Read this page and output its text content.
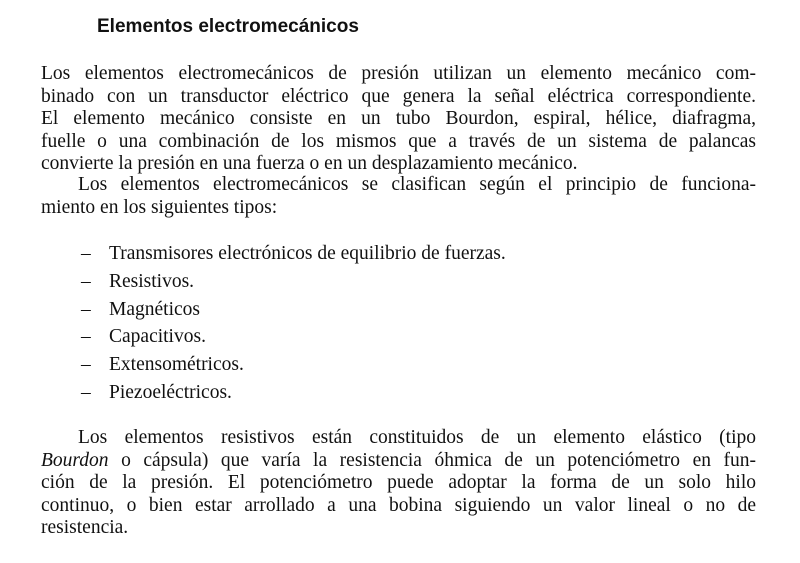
Elementos electromecánicos
Los elementos electromecánicos de presión utilizan un elemento mecánico com-
binado con un transductor eléctrico que genera la señal eléctrica correspondiente.
El elemento mecánico consiste en un tubo Bourdon, espiral, hélice, diafragma,
fuelle o una combinación de los mismos que a través de un sistema de palancas
convierte la presión en una fuerza o en un desplazamiento mecánico.
Los elementos electromecánicos se clasifican según el principio de funciona-
miento en los siguientes tipos:
– Transmisores electrónicos de equilibrio de fuerzas.
– Resistivos.
– Magnéticos
– Capacitivos.
– Extensométricos.
– Piezoeléctricos.
Los elementos resistivos están constituidos de un elemento elástico (tipo
Bourdon o cápsula) que varía la resistencia óhmica de un potenciómetro en fun-
ción de la presión. El potenciómetro puede adoptar la forma de un solo hilo
continuo, o bien estar arrollado a una bobina siguiendo un valor lineal o no de
resistencia.
